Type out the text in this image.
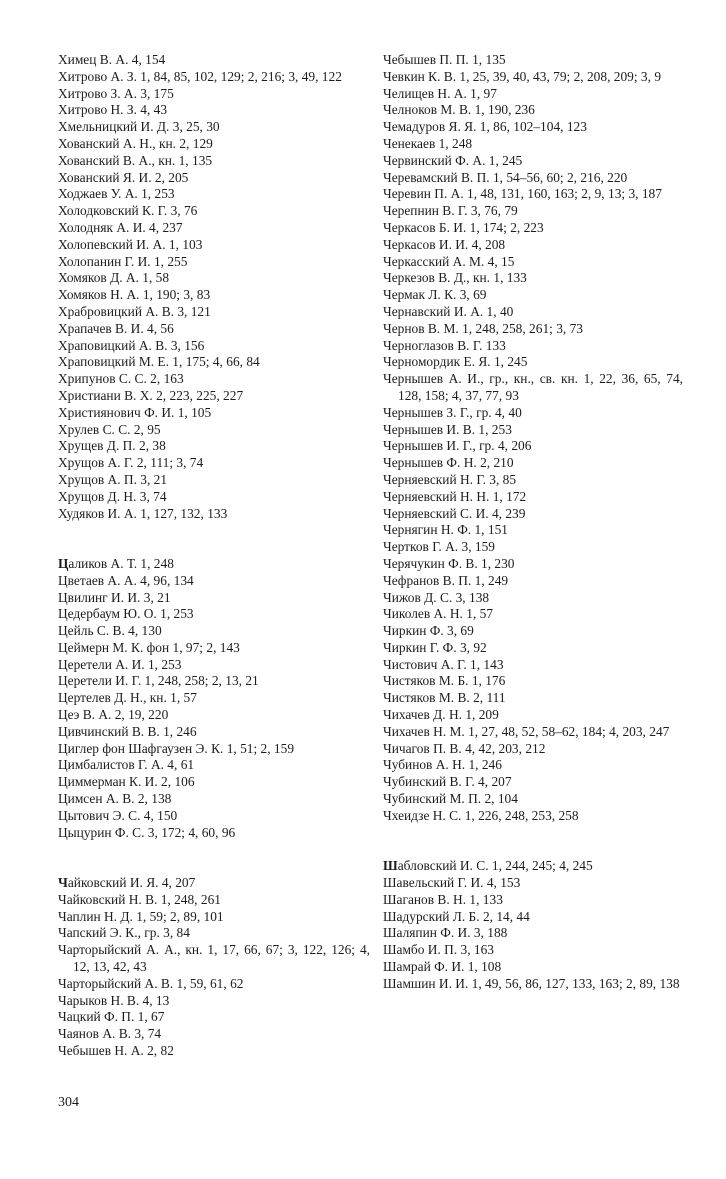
Химец В. А. 4, 154
Хитрово А. З. 1, 84, 85, 102, 129; 2, 216; 3, 49, 122
Хитрово З. А. 3, 175
Хитрово Н. З. 4, 43
Хмельницкий И. Д. 3, 25, 30
Хованский А. Н., кн. 2, 129
Хованский В. А., кн. 1, 135
Хованский Я. И. 2, 205
Ходжаев У. А. 1, 253
Холодковский К. Г. 3, 76
Холодняк А. И. 4, 237
Холопевский И. А. 1, 103
Холопанин Г. И. 1, 255
Хомяков Д. А. 1, 58
Хомяков Н. А. 1, 190; 3, 83
Храбровицкий А. В. 3, 121
Храпачев В. И. 4, 56
Храповицкий А. В. 3, 156
Храповицкий М. Е. 1, 175; 4, 66, 84
Хрипунов С. С. 2, 163
Христиани В. Х. 2, 223, 225, 227
Християнович Ф. И. 1, 105
Хрулев С. С. 2, 95
Хрущев Д. П. 2, 38
Хрущов А. Г. 2, 111; 3, 74
Хрущов А. П. 3, 21
Хрущов Д. Н. 3, 74
Худяков И. А. 1, 127, 132, 133
Цаликов А. Т. 1, 248
Цветаев А. А. 4, 96, 134
Цвилинг И. И. 3, 21
Цедербаум Ю. О. 1, 253
Цейль С. В. 4, 130
Цеймерн М. К. фон 1, 97; 2, 143
Церетели А. И. 1, 253
Церетели И. Г. 1, 248, 258; 2, 13, 21
Цертелев Д. Н., кн. 1, 57
Цеэ В. А. 2, 19, 220
Цивчинский В. В. 1, 246
Циглер фон Шафгаузен Э. К. 1, 51; 2, 159
Цимбалистов Г. А. 4, 61
Циммерман К. И. 2, 106
Цимсен А. В. 2, 138
Цытович Э. С. 4, 150
Цыцурин Ф. С. 3, 172; 4, 60, 96
Чайковский И. Я. 4, 207
Чайковский Н. В. 1, 248, 261
Чаплин Н. Д. 1, 59; 2, 89, 101
Чапский Э. К., гр. 3, 84
Чарторыйский А. А., кн. 1, 17, 66, 67; 3, 122, 126; 4, 12, 13, 42, 43
Чарторыйский А. В. 1, 59, 61, 62
Чарыков Н. В. 4, 13
Чацкий Ф. П. 1, 67
Чаянов А. В. 3, 74
Чебышев Н. А. 2, 82
Чебышев П. П. 1, 135
Чевкин К. В. 1, 25, 39, 40, 43, 79; 2, 208, 209; 3, 9
Челищев Н. А. 1, 97
Челноков М. В. 1, 190, 236
Чемадуров Я. Я. 1, 86, 102–104, 123
Ченекаев 1, 248
Червинский Ф. А. 1, 245
Черевамский В. П. 1, 54–56, 60; 2, 216, 220
Черевин П. А. 1, 48, 131, 160, 163; 2, 9, 13; 3, 187
Черепнин В. Г. 3, 76, 79
Черкасов Б. И. 1, 174; 2, 223
Черкасов И. И. 4, 208
Черкасский А. М. 4, 15
Черкезов В. Д., кн. 1, 133
Чермак Л. К. 3, 69
Чернавский И. А. 1, 40
Чернов В. М. 1, 248, 258, 261; 3, 73
Черноглазов В. Г. 133
Черномордик Е. Я. 1, 245
Чернышев А. И., гр., кн., св. кн. 1, 22, 36, 65, 74, 128, 158; 4, 37, 77, 93
Чернышев З. Г., гр. 4, 40
Чернышев И. В. 1, 253
Чернышев И. Г., гр. 4, 206
Чернышев Ф. Н. 2, 210
Черняевский Н. Г. 3, 85
Черняевский Н. Н. 1, 172
Черняевский С. И. 4, 239
Чернягин Н. Ф. 1, 151
Чертков Г. А. 3, 159
Черячукин Ф. В. 1, 230
Чефранов В. П. 1, 249
Чижов Д. С. 3, 138
Чиколев А. Н. 1, 57
Чиркин Ф. 3, 69
Чиркин Г. Ф. 3, 92
Чистович А. Г. 1, 143
Чистяков М. Б. 1, 176
Чистяков М. В. 2, 111
Чихачев Д. Н. 1, 209
Чихачев Н. М. 1, 27, 48, 52, 58–62, 184; 4, 203, 247
Чичагов П. В. 4, 42, 203, 212
Чубинов А. Н. 1, 246
Чубинский В. Г. 4, 207
Чубинский М. П. 2, 104
Чхеидзе Н. С. 1, 226, 248, 253, 258
Шабловский И. С. 1, 244, 245; 4, 245
Шавельский Г. И. 4, 153
Шаганов В. Н. 1, 133
Шадурский Л. Б. 2, 14, 44
Шаляпин Ф. И. 3, 188
Шамбо И. П. 3, 163
Шамрай Ф. И. 1, 108
Шамшин И. И. 1, 49, 56, 86, 127, 133, 163; 2, 89, 138
304
